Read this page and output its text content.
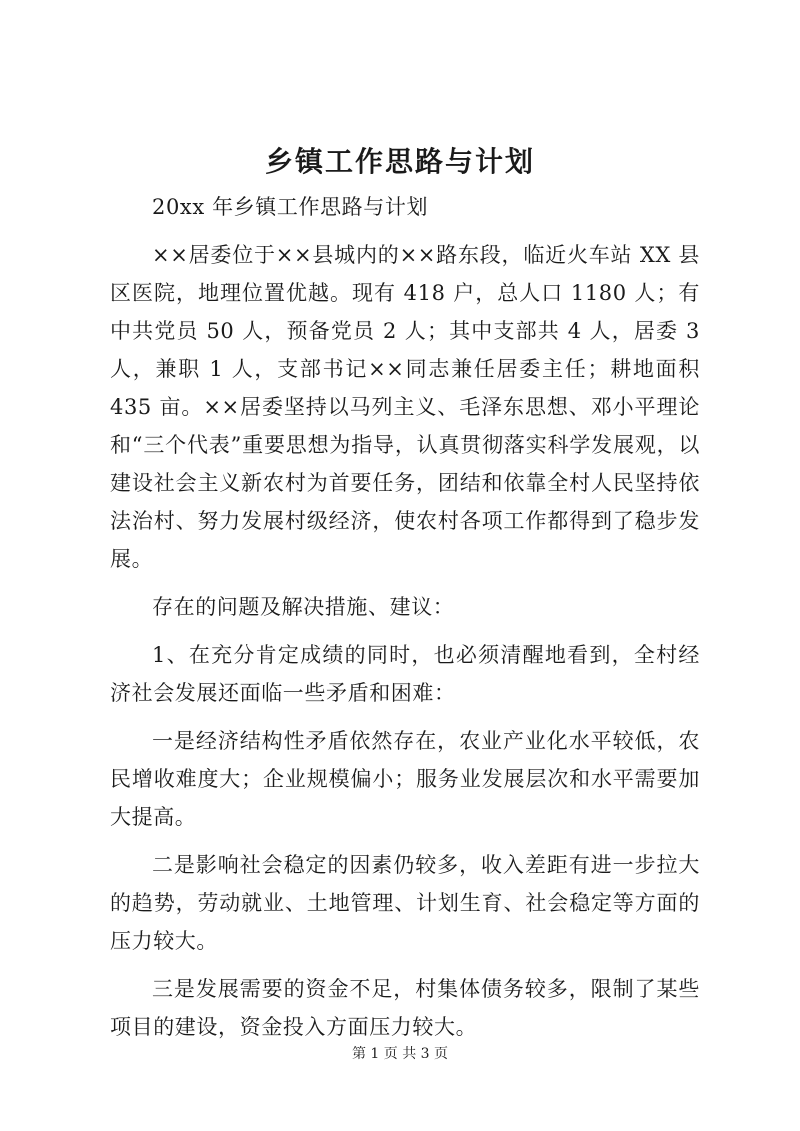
乡镇工作思路与计划

20xx 年乡镇工作思路与计划

××居委位于××县城内的××路东段，临近火车站 XX 县区医院，地理位置优越。现有 418 户，总人口 1180 人；有中共党员 50 人，预备党员 2 人；其中支部共 4 人，居委 3 人，兼职 1 人，支部书记××同志兼任居委主任；耕地面积 435 亩。××居委坚持以马列主义、毛泽东思想、邓小平理论和“三个代表”重要思想为指导，认真贯彻落实科学发展观，以建设社会主义新农村为首要任务，团结和依靠全村人民坚持依法治村、努力发展村级经济，使农村各项工作都得到了稳步发展。

存在的问题及解决措施、建议：

1、在充分肯定成绩的同时，也必须清醒地看到，全村经济社会发展还面临一些矛盾和困难：

一是经济结构性矛盾依然存在，农业产业化水平较低，农民增收难度大；企业规模偏小；服务业发展层次和水平需要加大提高。

二是影响社会稳定的因素仍较多，收入差距有进一步拉大的趋势，劳动就业、土地管理、计划生育、社会稳定等方面的压力较大。

三是发展需要的资金不足，村集体债务较多，限制了某些项目的建设，资金投入方面压力较大。

第 1 页 共 3 页
